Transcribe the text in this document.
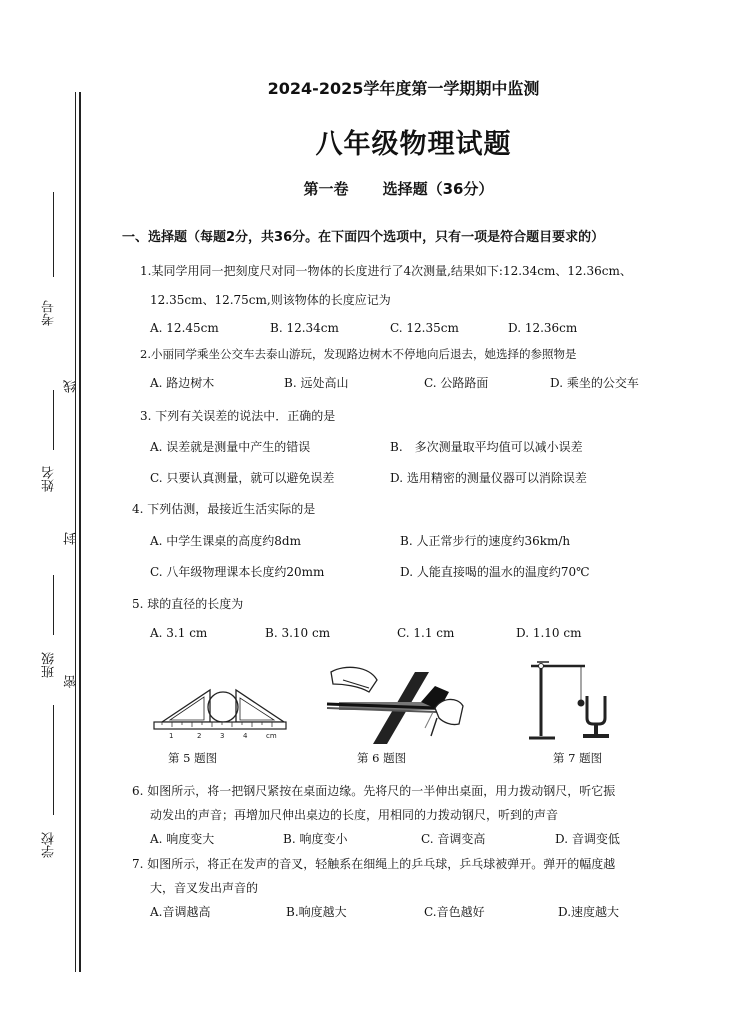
考号
线
姓名
封
班级
密
学校
2024-2025学年度第一学期期中监测
八年级物理试题
第一卷 选择题（36分）
一、选择题（每题2分，共36分。在下面四个选项中，只有一项是符合题目要求的）
1.某同学用同一把刻度尺对同一物体的长度进行了4次测量,结果如下:12.34cm、12.36cm、
12.35cm、12.75cm,则该物体的长度应记为
A. 12.45cm	B. 12.34cm	C. 12.35cm	D. 12.36cm
2.小丽同学乘坐公交车去泰山游玩，发现路边树木不停地向后退去，她选择的参照物是
A. 路边树木	B. 远处高山	C. 公路路面	D. 乘坐的公交车
3. 下列有关误差的说法中．正确的是
A. 误差就是测量中产生的错误	B.　多次测量取平均值可以减小误差
C. 只要认真测量，就可以避免误差	D. 选用精密的测量仪器可以消除误差
4. 下列估测，最接近生活实际的是
A. 中学生课桌的高度约8dm	B. 人正常步行的速度约36km/h
C. 八年级物理课本长度约20mm	D. 人能直接喝的温水的温度约70℃
5. 球的直径的长度为
A. 3.1 cm	B. 3.10 cm	C. 1.1 cm	D. 1.10 cm
1	2	3	4	cm
第 5 题图	第 6 题图	第 7 题图
6. 如图所示，将一把钢尺紧按在桌面边缘。先将尺的一半伸出桌面，用力拨动钢尺，听它振
动发出的声音；再增加尺伸出桌边的长度，用相同的力拨动钢尺，听到的声音
A. 响度变大	B. 响度变小	C. 音调变高	D. 音调变低
7. 如图所示，将正在发声的音叉，轻触系在细绳上的乒乓球，乒乓球被弹开。弹开的幅度越
大，音叉发出声音的
A.音调越高	B.响度越大	C.音色越好	D.速度越大
